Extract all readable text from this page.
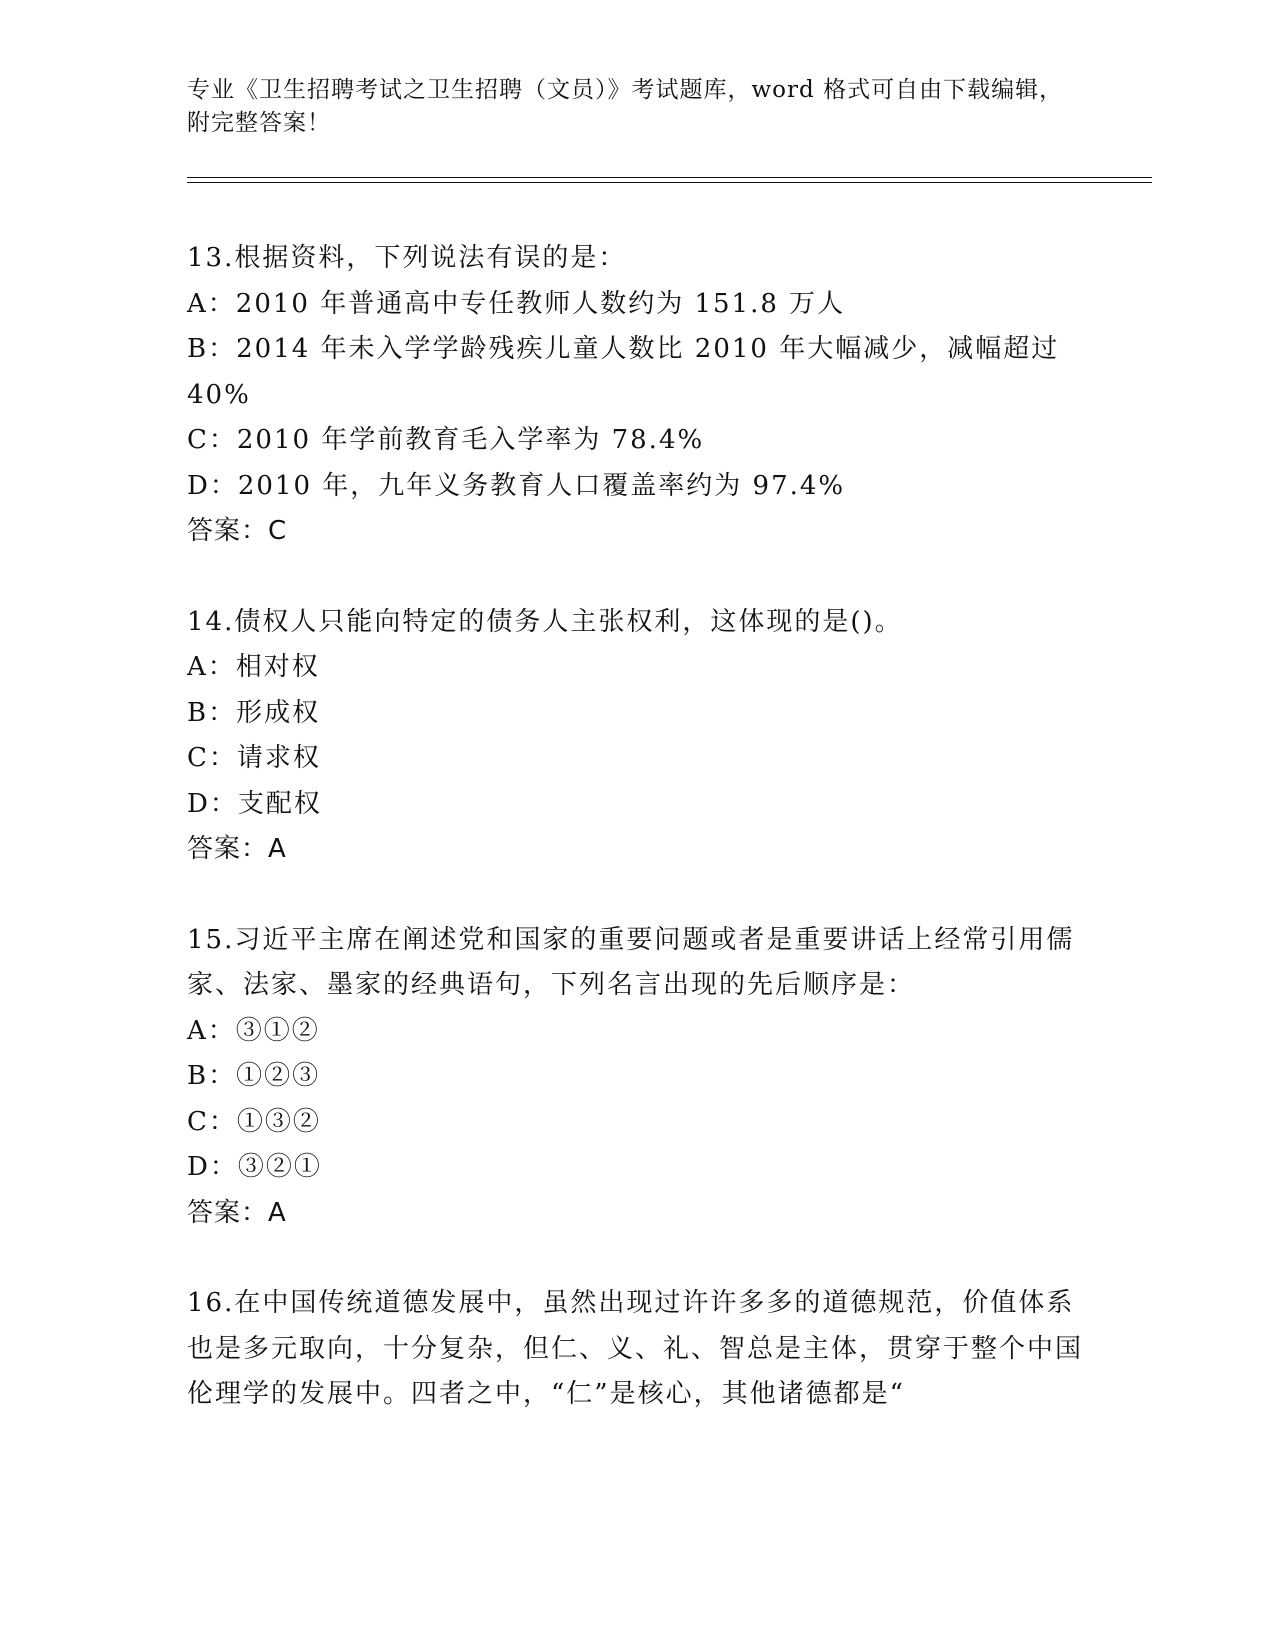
专业《卫生招聘考试之卫生招聘（文员）》考试题库，word 格式可自由下载编辑，附完整答案！

13.根据资料，下列说法有误的是：

A：2010 年普通高中专任教师人数约为 151.8 万人

B：2014 年未入学学龄残疾儿童人数比 2010 年大幅减少，减幅超过 40%

C：2010 年学前教育毛入学率为 78.4%

D：2010 年，九年义务教育人口覆盖率约为 97.4%

答案：C

14.债权人只能向特定的债务人主张权利，这体现的是()。

A：相对权

B：形成权

C：请求权

D：支配权

答案：A

15.习近平主席在阐述党和国家的重要问题或者是重要讲话上经常引用儒家、法家、墨家的经典语句，下列名言出现的先后顺序是：

A：③①②

B：①②③

C：①③②

D：③②①

答案：A

16.在中国传统道德发展中，虽然出现过许许多多的道德规范，价值体系也是多元取向，十分复杂，但仁、义、礼、智总是主体，贯穿于整个中国伦理学的发展中。四者之中，“仁”是核心，其他诸德都是“
